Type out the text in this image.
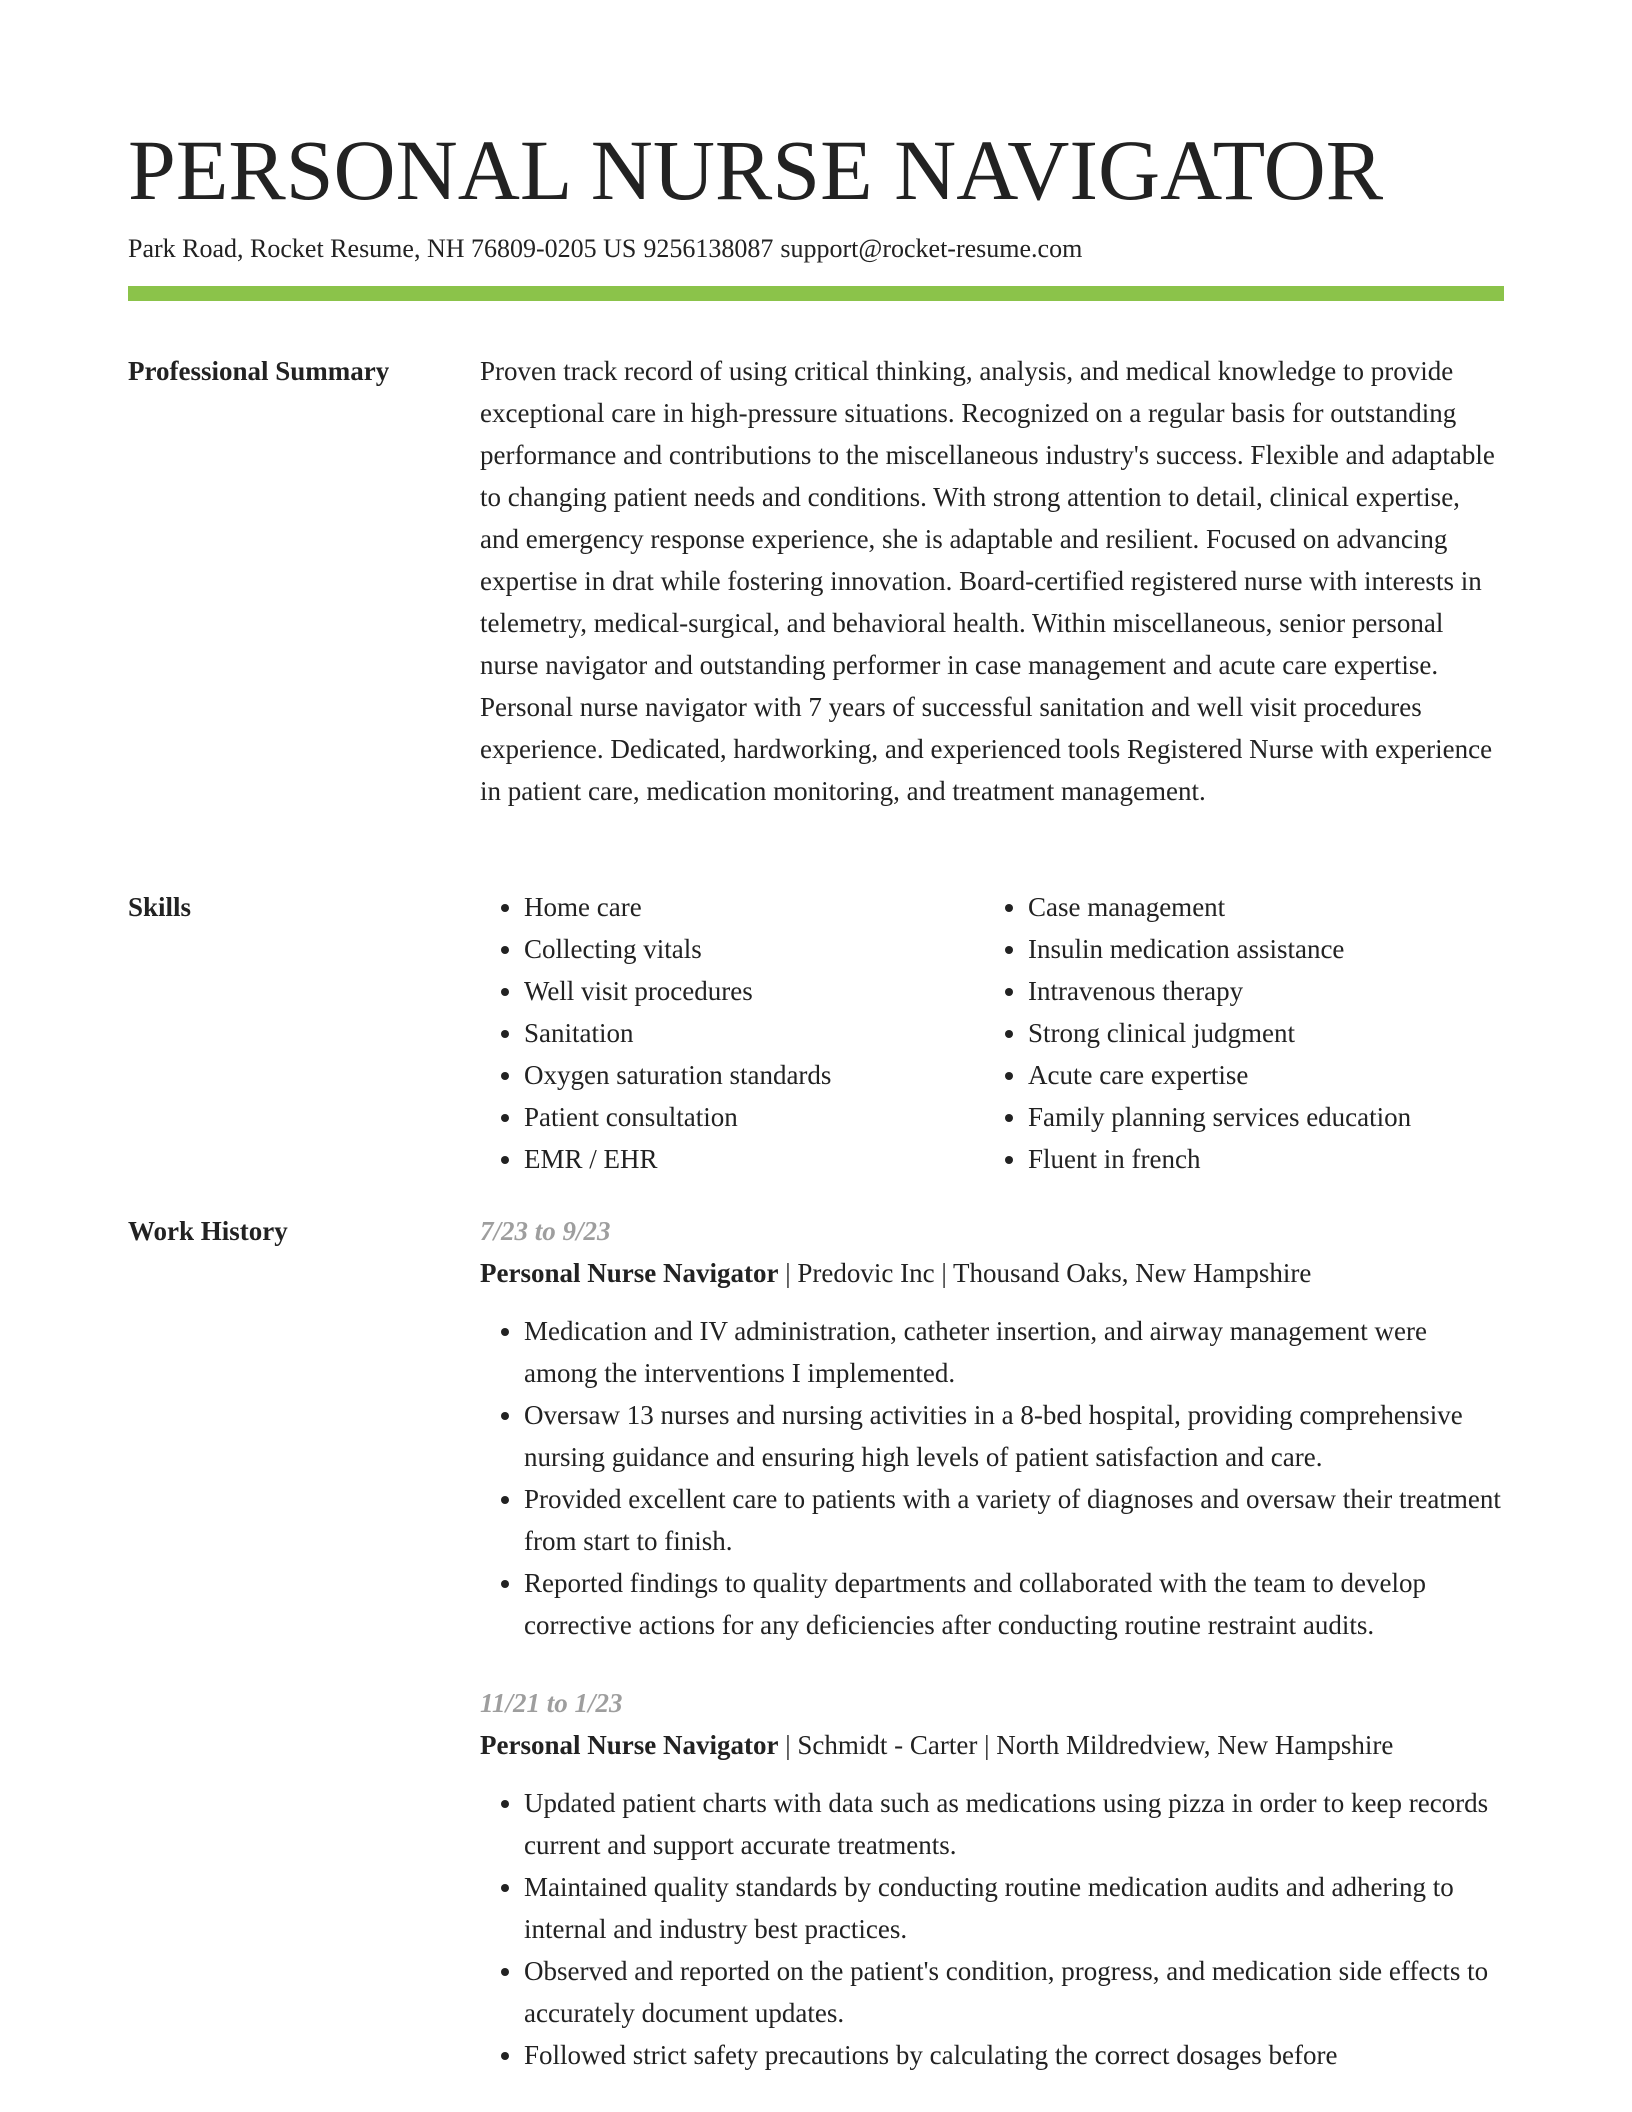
PERSONAL NURSE NAVIGATOR
Park Road, Rocket Resume, NH 76809-0205 US 9256138087 support@rocket-resume.com
Professional Summary	Proven track record of using critical thinking, analysis, and medical knowledge to provide exceptional care in high-pressure situations. Recognized on a regular basis for outstanding performance and contributions to the miscellaneous industry's success. Flexible and adaptable to changing patient needs and conditions. With strong attention to detail, clinical expertise, and emergency response experience, she is adaptable and resilient. Focused on advancing expertise in drat while fostering innovation. Board-certified registered nurse with interests in telemetry, medical-surgical, and behavioral health. Within miscellaneous, senior personal nurse navigator and outstanding performer in case management and acute care expertise. Personal nurse navigator with 7 years of successful sanitation and well visit procedures experience. Dedicated, hardworking, and experienced tools Registered Nurse with experience in patient care, medication monitoring, and treatment management.

Skills
•	Home care
• Collecting vitals
• Well visit procedures
• Sanitation
• Oxygen saturation standards
• Patient consultation
• EMR / EHR
• Case management
• Insulin medication assistance
• Intravenous therapy
• Strong clinical judgment
• Acute care expertise
• Family planning services education
• Fluent in french
Work History	7/23 to 9/23
Personal Nurse Navigator | Predovic Inc | Thousand Oaks, New Hampshire
• Medication and IV administration, catheter insertion, and airway management were among the interventions I implemented.
• Oversaw 13 nurses and nursing activities in a 8-bed hospital, providing comprehensive nursing guidance and ensuring high levels of patient satisfaction and care.
• Provided excellent care to patients with a variety of diagnoses and oversaw their treatment from start to finish.
• Reported findings to quality departments and collaborated with the team to develop corrective actions for any deficiencies after conducting routine restraint audits.
11/21 to 1/23
Personal Nurse Navigator | Schmidt - Carter | North Mildredview, New Hampshire
• Updated patient charts with data such as medications using pizza in order to keep records current and support accurate treatments.
• Maintained quality standards by conducting routine medication audits and adhering to internal and industry best practices.
• Observed and reported on the patient's condition, progress, and medication side effects to accurately document updates.
• Followed strict safety precautions by calculating the correct dosages before
